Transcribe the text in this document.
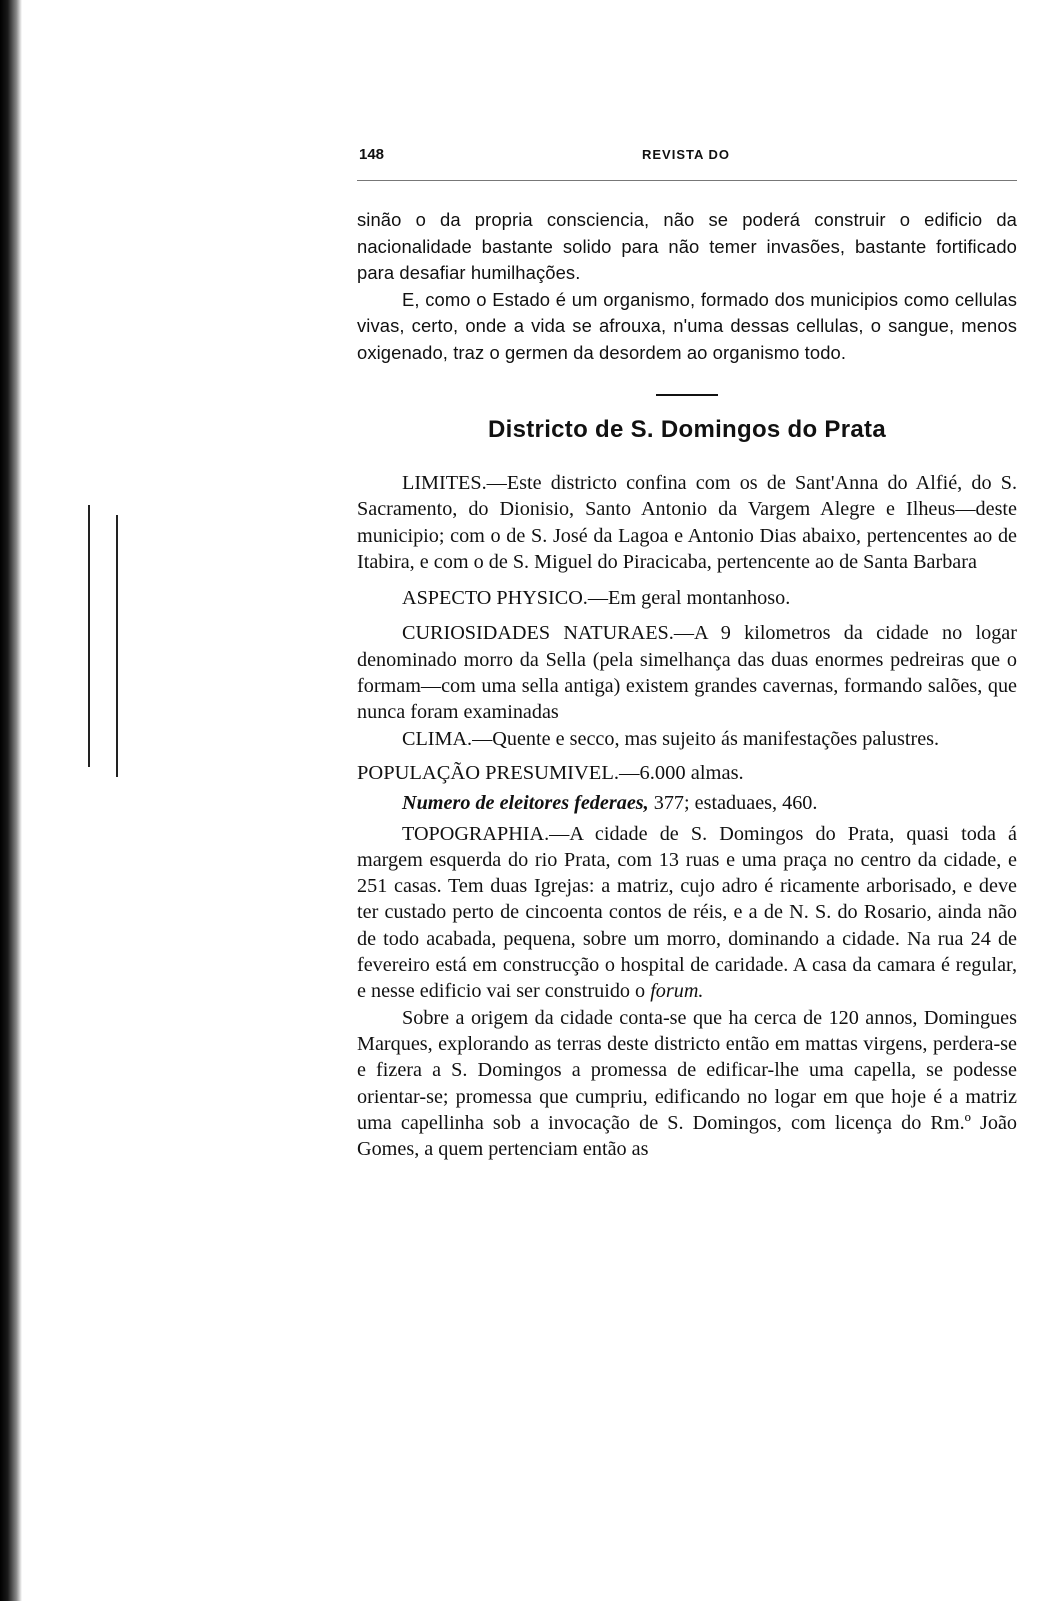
148	REVISTA DO

sinão o da propria consciencia, não se poderá construir o edificio da nacionalidade bastante solido para não temer invasões, bastante fortificado para desafiar humilhações.

E, como o Estado é um organismo, formado dos municipios como cellulas vivas, certo, onde a vida se afrouxa, n'uma dessas cellulas, o sangue, menos oxigenado, traz o germen da desordem ao organismo todo.

Districto de S. Domingos do Prata

LIMITES.—Este districto confina com os de Sant'Anna do Alfié, do S. Sacramento, do Dionisio, Santo Antonio da Vargem Alegre e Ilheus—deste municipio; com o de S. José da Lagoa e Antonio Dias abaixo, pertencentes ao de Itabira, e com o de S. Miguel do Piracicaba, pertencente ao de Santa Barbara

ASPECTO PHYSICO.—Em geral montanhoso.

CURIOSIDADES NATURAES.—A 9 kilometros da cidade no logar denominado morro da Sella (pela simelhança das duas enormes pedreiras que o formam—com uma sella antiga) existem grandes cavernas, formando salões, que nunca foram examinadas

CLIMA.—Quente e secco, mas sujeito ás manifestações palustres.

POPULAÇÃO PRESUMIVEL.—6.000 almas.

Numero de eleitores federaes, 377; estaduaes, 460.

TOPOGRAPHIA.—A cidade de S. Domingos do Prata, quasi toda á margem esquerda do rio Prata, com 13 ruas e uma praça no centro da cidade, e 251 casas. Tem duas Igrejas: a matriz, cujo adro é ricamente arborisado, e deve ter custado perto de cincoenta contos de réis, e a de N. S. do Rosario, ainda não de todo acabada, pequena, sobre um morro, dominando a cidade. Na rua 24 de fevereiro está em construcção o hospital de caridade. A casa da camara é regular, e nesse edificio vai ser construido o forum.

Sobre a origem da cidade conta-se que ha cerca de 120 annos, Domingues Marques, explorando as terras deste districto então em mattas virgens, perdera-se e fizera a S. Domingos a promessa de edificar-lhe uma capella, se podesse orientar-se; promessa que cumpriu, edificando no logar em que hoje é a matriz uma capellinha sob a invocação de S. Domingos, com licença do Rm.º João Gomes, a quem pertenciam então as
